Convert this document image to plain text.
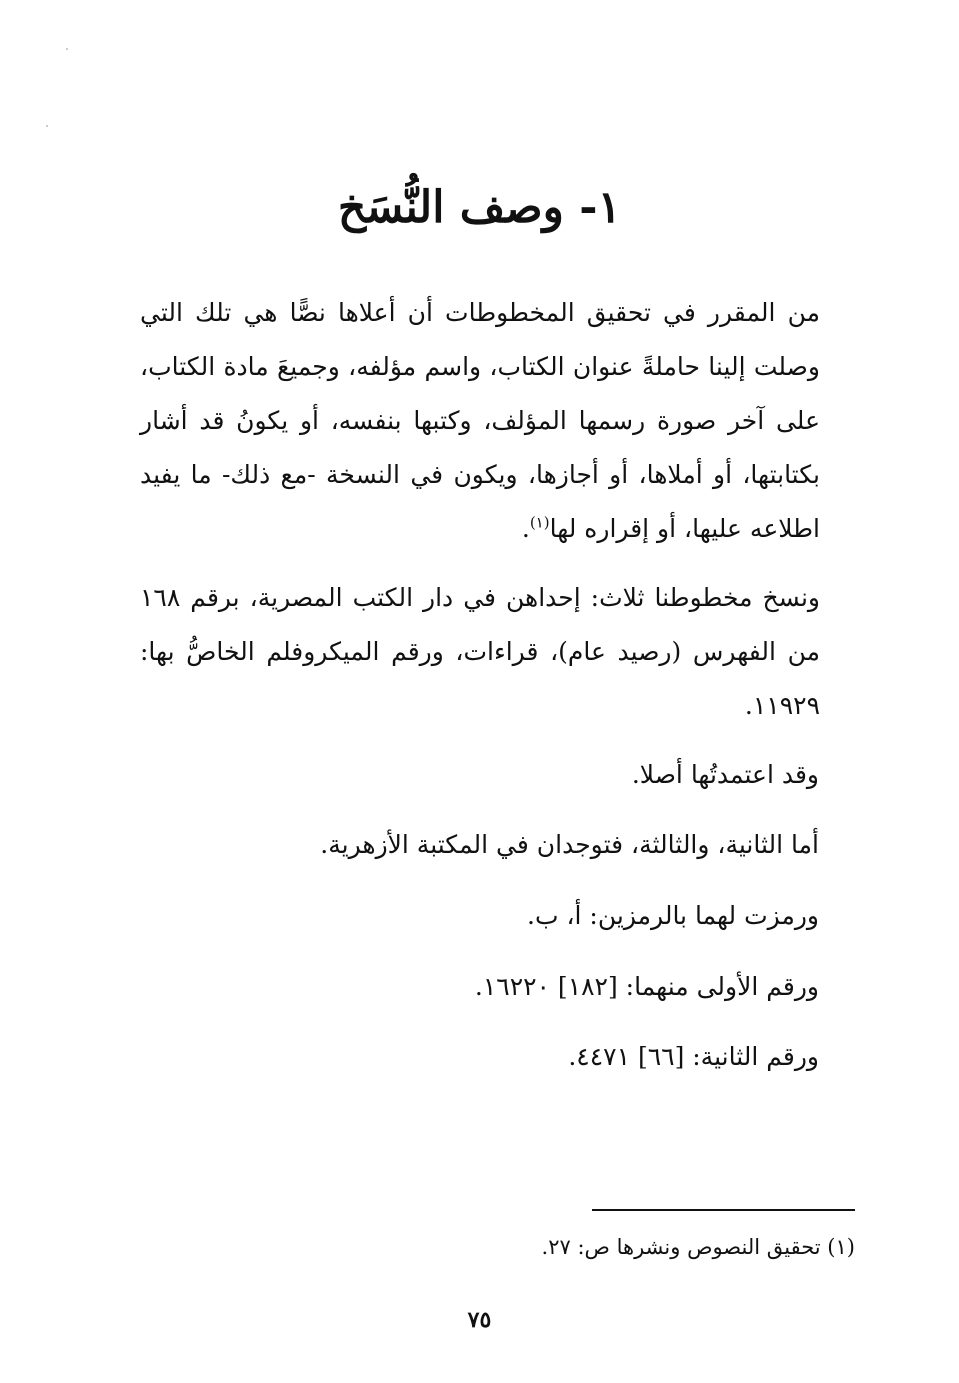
١- وصف النُّسَخ

من المقرر في تحقيق المخطوطات أن أعلاها نصًّا هي تلك التي وصلت إلينا حاملةً عنوان الكتاب، واسم مؤلفه، وجميعَ مادة الكتاب، على آخر صورة رسمها المؤلف، وكتبها بنفسه، أو يكونُ قد أشار بكتابتها، أو أملاها، أو أجازها، ويكون في النسخة -مع ذلك- ما يفيد اطلاعه عليها، أو إقراره لها$^{(١)}$.

ونسخ مخطوطنا ثلاث: إحداهن في دار الكتب المصرية، برقم ١٦٨ من الفهرس (رصيد عام)، قراءات، ورقم الميكروفلم الخاصُّ بها: ١١٩٢٩.

وقد اعتمدتُها أصلا.

أما الثانية، والثالثة، فتوجدان في المكتبة الأزهرية.

ورمزت لهما بالرمزين: أ، ب.

ورقم الأولى منهما: [١٨٢] ١٦٢٢٠.

ورقم الثانية: [٦٦] ٤٤٧١.

(١) تحقيق النصوص ونشرها ص: ٢٧.
٧٥
